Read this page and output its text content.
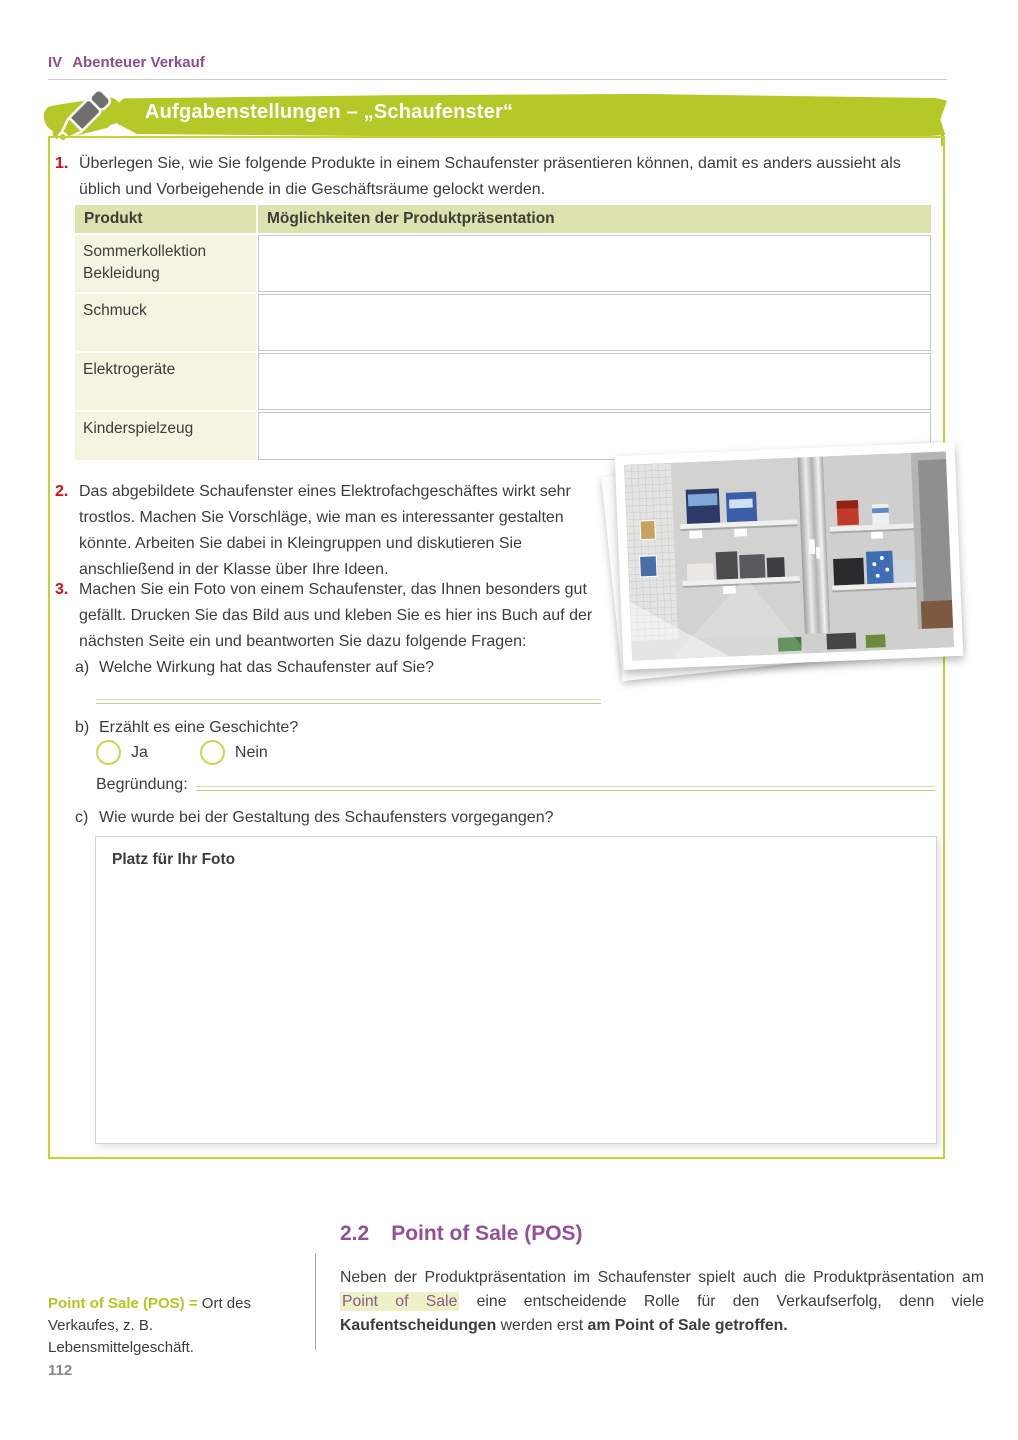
IV Abenteuer Verkauf
Aufgabenstellungen – „Schaufenster“
1. Überlegen Sie, wie Sie folgende Produkte in einem Schaufenster präsentieren können, damit es anders aussieht als üblich und Vorbeigehende in die Geschäftsräume gelockt werden.
Produkt	Möglichkeiten der Produktpräsentation
Sommerkollektion Bekleidung
Schmuck
Elektrogeräte
Kinderspielzeug
2. Das abgebildete Schaufenster eines Elektrofachgeschäftes wirkt sehr trostlos. Machen Sie Vorschläge, wie man es interessanter gestalten könnte. Arbeiten Sie dabei in Kleingruppen und diskutieren Sie anschließend in der Klasse über Ihre Ideen.
3. Machen Sie ein Foto von einem Schaufenster, das Ihnen besonders gut gefällt. Drucken Sie das Bild aus und kleben Sie es hier ins Buch auf der nächsten Seite ein und beantworten Sie dazu folgende Fragen:
a) Welche Wirkung hat das Schaufenster auf Sie?
b) Erzählt es eine Geschichte?
Ja	Nein
Begründung:
c) Wie wurde bei der Gestaltung des Schaufensters vorgegangen?
Platz für Ihr Foto
2.2 Point of Sale (POS)
Neben der Produktpräsentation im Schaufenster spielt auch die Produktpräsentation am Point of Sale eine entscheidende Rolle für den Verkaufserfolg, denn viele Kaufentscheidungen werden erst am Point of Sale getroffen.
Point of Sale (POS) = Ort des Verkaufes, z. B. Lebensmittelgeschäft.
112
